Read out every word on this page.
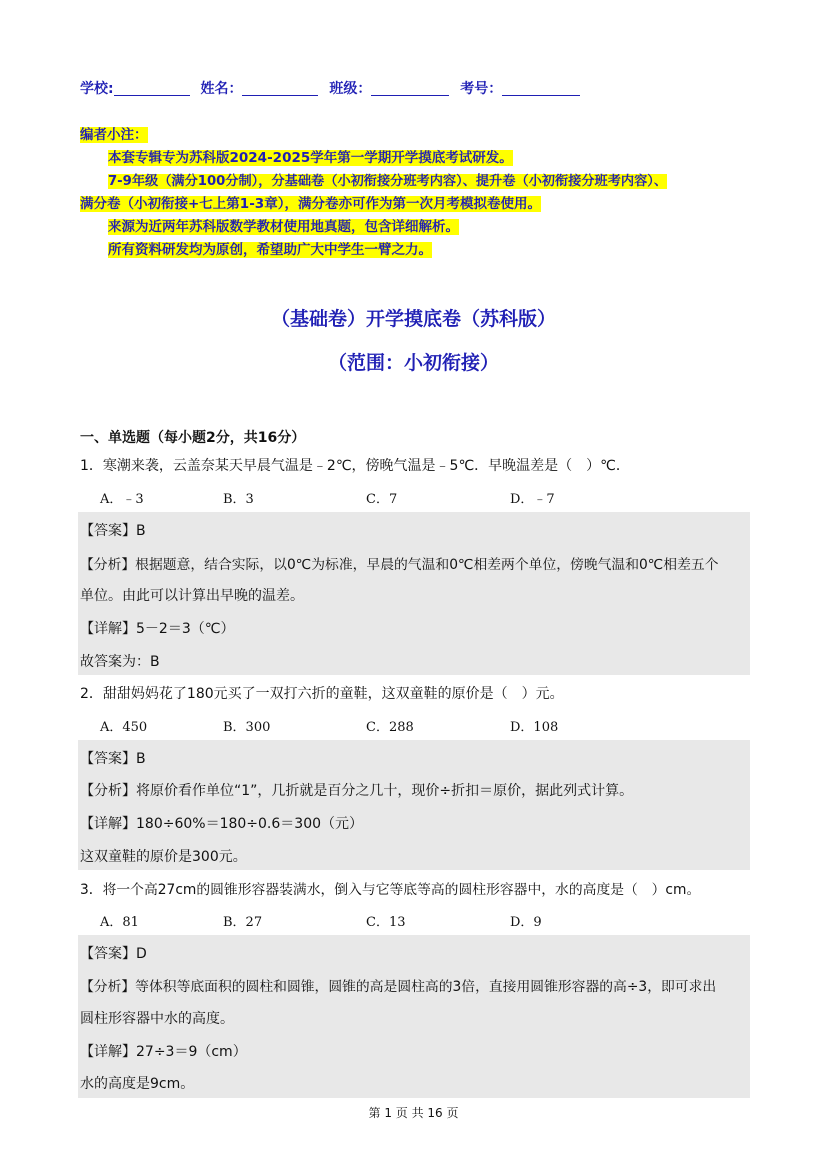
学校:	姓名：	班级：	考号：
编者小注：
本套专辑专为苏科版2024-2025学年第一学期开学摸底考试研发。
7-9年级（满分100分制），分基础卷（小初衔接分班考内容）、提升卷（小初衔接分班考内容）、
满分卷（小初衔接+七上第1-3章），满分卷亦可作为第一次月考模拟卷使用。
来源为近两年苏科版数学教材使用地真题，包含详细解析。
所有资料研发均为原创，希望助广大中学生一臂之力。
（基础卷）开学摸底卷（苏科版）
（范围：小初衔接）
一、单选题（每小题2分，共16分）
1．寒潮来袭，云盖奈某天早晨气温是﹣2℃，傍晚气温是﹣5℃．早晚温差是（　）℃．
A．﹣3	B．3	C．7	D．﹣7
【答案】B
【分析】根据题意，结合实际，以0℃为标准，早晨的气温和0℃相差两个单位，傍晚气温和0℃相差五个
单位。由此可以计算出早晚的温差。
【详解】5－2＝3（℃）
故答案为：B
2．甜甜妈妈花了180元买了一双打六折的童鞋，这双童鞋的原价是（　）元。
A．450	B．300	C．288	D．108
【答案】B
【分析】将原价看作单位“1”，几折就是百分之几十，现价÷折扣＝原价，据此列式计算。
【详解】180÷60%＝180÷0.6＝300（元）
这双童鞋的原价是300元。
3．将一个高27cm的圆锥形容器装满水，倒入与它等底等高的圆柱形容器中，水的高度是（　）cm。
A．81	B．27	C．13	D．9
【答案】D
【分析】等体积等底面积的圆柱和圆锥，圆锥的高是圆柱高的3倍，直接用圆锥形容器的高÷3，即可求出
圆柱形容器中水的高度。
【详解】27÷3＝9（cm）
水的高度是9cm。
第 1 页 共 16 页
